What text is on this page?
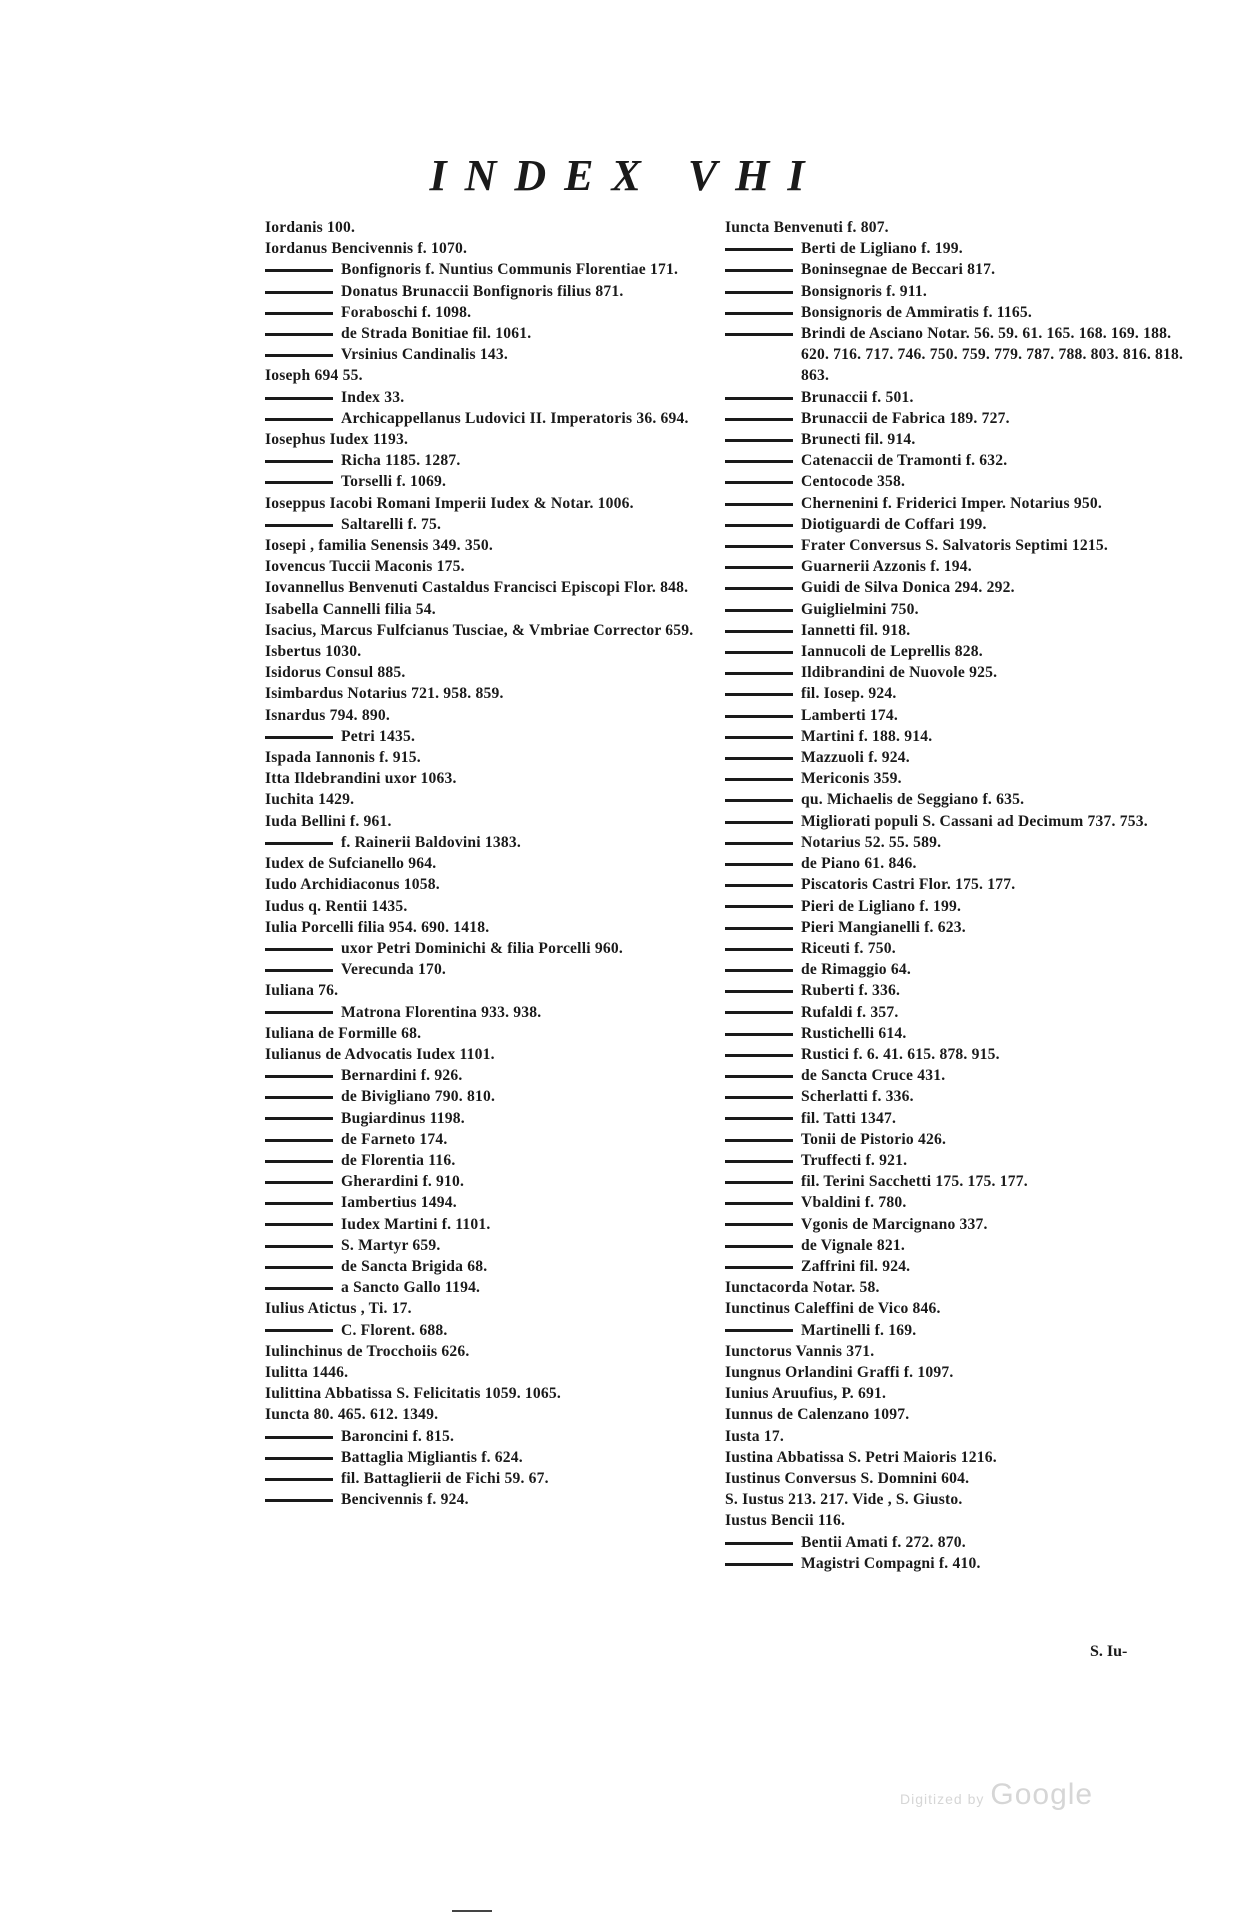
INDEX VHI
Iordanis 100.
Iordanus Bencivennis f. 1070.
Bonfignoris f. Nuntius Communis Florentiae 171.
Donatus Brunaccii Bonfignoris filius 871.
Foraboschi f. 1098.
de Strada Bonitiae fil. 1061.
Vrsinius Candinalis 143.
Ioseph 694 55.
Index 33.
Archicappellanus Ludovici II. Imperatoris 36. 694.
Iosephus Iudex 1193.
Richa 1185. 1287.
Torselli f. 1069.
Ioseppus Iacobi Romani Imperii Iudex & Notar. 1006.
Saltarelli f. 75.
Iosepi , familia Senensis 349. 350.
Iovencus Tuccii Maconis 175.
Iovannellus Benvenuti Castaldus Francisci Episcopi Flor. 848.
Isabella Cannelli filia 54.
Isacius, Marcus Fulfcianus Tusciae, & Vmbriae Corrector 659.
Isbertus 1030.
Isidorus Consul 885.
Isimbardus Notarius 721. 958. 859.
Isnardus 794. 890.
Petri 1435.
Ispada Iannonis f. 915.
Itta Ildebrandini uxor 1063.
Iuchita 1429.
Iuda Bellini f. 961.
f. Rainerii Baldovini 1383.
Iudex de Sufcianello 964.
Iudo Archidiaconus 1058.
Iudus q. Rentii 1435.
Iulia Porcelli filia 954. 690. 1418.
uxor Petri Dominichi & filia Porcelli 960.
Verecunda 170.
Iuliana 76.
Matrona Florentina 933. 938.
Iuliana de Formille 68.
Iulianus de Advocatis Iudex 1101.
Bernardini f. 926.
de Bivigliano 790. 810.
Bugiardinus 1198.
de Farneto 174.
de Florentia 116.
Gherardini f. 910.
Iambertius 1494.
Iudex Martini f. 1101.
S. Martyr 659.
de Sancta Brigida 68.
a Sancto Gallo 1194.
Iulius Atictus , Ti. 17.
C. Florent. 688.
Iulinchinus de Trocchoiis 626.
Iulitta 1446.
Iulittina Abbatissa S. Felicitatis 1059. 1065.
Iuncta 80. 465. 612. 1349.
Baroncini f. 815.
Battaglia Migliantis f. 624.
fil. Battaglierii de Fichi 59. 67.
Bencivennis f. 924.
Iuncta Benvenuti f. 807.
Berti de Ligliano f. 199.
Boninsegnae de Beccari 817.
Bonsignoris f. 911.
Bonsignoris de Ammiratis f. 1165.
Brindi de Asciano Notar. 56. 59. 61. 165. 168. 169. 188. 620. 716. 717. 746. 750. 759. 779. 787. 788. 803. 816. 818. 863.
Brunaccii f. 501.
Brunaccii de Fabrica 189. 727.
Brunecti fil. 914.
Catenaccii de Tramonti f. 632.
Centocode 358.
Chernenini f. Friderici Imper. Notarius 950.
Diotiguardi de Coffari 199.
Frater Conversus S. Salvatoris Septimi 1215.
Guarnerii Azzonis f. 194.
Guidi de Silva Donica 294. 292.
Guiglielmini 750.
Iannetti fil. 918.
Iannucoli de Leprellis 828.
Ildibrandini de Nuovole 925.
fil. Iosep. 924.
Lamberti 174.
Martini f. 188. 914.
Mazzuoli f. 924.
Mericonis 359.
qu. Michaelis de Seggiano f. 635.
Migliorati populi S. Cassani ad Decimum 737. 753.
Notarius 52. 55. 589.
de Piano 61. 846.
Piscatoris Castri Flor. 175. 177.
Pieri de Ligliano f. 199.
Pieri Mangianelli f. 623.
Riceuti f. 750.
de Rimaggio 64.
Ruberti f. 336.
Rufaldi f. 357.
Rustichelli 614.
Rustici f. 6. 41. 615. 878. 915.
de Sancta Cruce 431.
Scherlatti f. 336.
fil. Tatti 1347.
Tonii de Pistorio 426.
Truffecti f. 921.
fil. Terini Sacchetti 175. 175. 177.
Vbaldini f. 780.
Vgonis de Marcignano 337.
de Vignale 821.
Zaffrini fil. 924.
Iunctacorda Notar. 58.
Iunctinus Caleffini de Vico 846.
Martinelli f. 169.
Iunctorus Vannis 371.
Iungnus Orlandini Graffi f. 1097.
Iunius Aruufius, P. 691.
Iunnus de Calenzano 1097.
Iusta 17.
Iustina Abbatissa S. Petri Maioris 1216.
Iustinus Conversus S. Domnini 604.
S. Iustus 213. 217. Vide , S. Giusto.
Iustus Bencii 116.
Bentii Amati f. 272. 870.
Magistri Compagni f. 410.
S. Iu-
Digitized by Google
